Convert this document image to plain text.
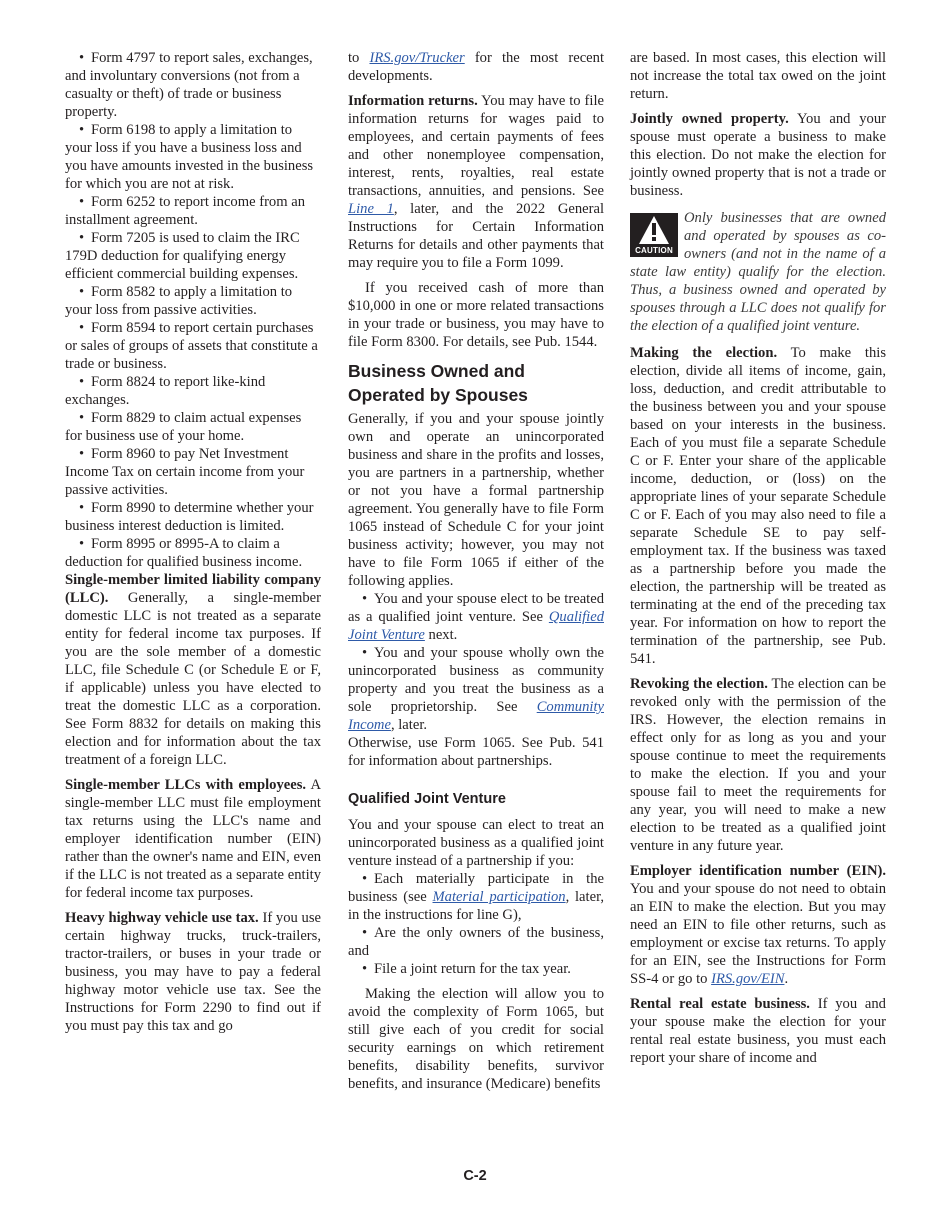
• Form 4797 to report sales, exchanges, and involuntary conversions (not from a casualty or theft) of trade or business property.

• Form 6198 to apply a limitation to your loss if you have a business loss and you have amounts invested in the business for which you are not at risk.

• Form 6252 to report income from an installment agreement.

• Form 7205 is used to claim the IRC 179D deduction for qualifying energy efficient commercial building expenses.

• Form 8582 to apply a limitation to your loss from passive activities.

• Form 8594 to report certain purchases or sales of groups of assets that constitute a trade or business.

• Form 8824 to report like-kind exchanges.

• Form 8829 to claim actual expenses for business use of your home.

• Form 8960 to pay Net Investment Income Tax on certain income from your passive activities.

• Form 8990 to determine whether your business interest deduction is limited.

• Form 8995 or 8995-A to claim a deduction for qualified business income.

Single-member limited liability company (LLC). Generally, a single-member domestic LLC is not treated as a separate entity for federal income tax purposes. If you are the sole member of a domestic LLC, file Schedule C (or Schedule E or F, if applicable) unless you have elected to treat the domestic LLC as a corporation. See Form 8832 for details on making this election and for information about the tax treatment of a foreign LLC.

Single-member LLCs with employees. A single-member LLC must file employment tax returns using the LLC's name and employer identification number (EIN) rather than the owner's name and EIN, even if the LLC is not treated as a separate entity for federal income tax purposes.

Heavy highway vehicle use tax. If you use certain highway trucks, truck-trailers, tractor-trailers, or buses in your trade or business, you may have to pay a federal highway motor vehicle use tax. See the Instructions for Form 2290 to find out if you must pay this tax and go

to IRS.gov/Trucker for the most recent developments.

Information returns. You may have to file information returns for wages paid to employees, and certain payments of fees and other nonemployee compensation, interest, rents, royalties, real estate transactions, annuities, and pensions. See Line 1, later, and the 2022 General Instructions for Certain Information Returns for details and other payments that may require you to file a Form 1099.

If you received cash of more than $10,000 in one or more related transactions in your trade or business, you may have to file Form 8300. For details, see Pub. 1544.

Business Owned and Operated by Spouses

Generally, if you and your spouse jointly own and operate an unincorporated business and share in the profits and losses, you are partners in a partnership, whether or not you have a formal partnership agreement. You generally have to file Form 1065 instead of Schedule C for your joint business activity; however, you may not have to file Form 1065 if either of the following applies.

• You and your spouse elect to be treated as a qualified joint venture. See Qualified Joint Venture next.

• You and your spouse wholly own the unincorporated business as community property and you treat the business as a sole proprietorship. See Community Income, later.

Otherwise, use Form 1065. See Pub. 541 for information about partnerships.

Qualified Joint Venture

You and your spouse can elect to treat an unincorporated business as a qualified joint venture instead of a partnership if you:

• Each materially participate in the business (see Material participation, later, in the instructions for line G),

• Are the only owners of the business, and

• File a joint return for the tax year.

Making the election will allow you to avoid the complexity of Form 1065, but still give each of you credit for social security earnings on which retirement benefits, disability benefits, survivor benefits, and insurance (Medicare) benefits

are based. In most cases, this election will not increase the total tax owed on the joint return.

Jointly owned property. You and your spouse must operate a business to make this election. Do not make the election for jointly owned property that is not a trade or business.

CAUTION

Only businesses that are owned and operated by spouses as co-owners (and not in the name of a state law entity) qualify for the election. Thus, a business owned and operated by spouses through a LLC does not qualify for the election of a qualified joint venture.

Making the election. To make this election, divide all items of income, gain, loss, deduction, and credit attributable to the business between you and your spouse based on your interests in the business. Each of you must file a separate Schedule C or F. Enter your share of the applicable income, deduction, or (loss) on the appropriate lines of your separate Schedule C or F. Each of you may also need to file a separate Schedule SE to pay self-employment tax. If the business was taxed as a partnership before you made the election, the partnership will be treated as terminating at the end of the preceding tax year. For information on how to report the termination of the partnership, see Pub. 541.

Revoking the election. The election can be revoked only with the permission of the IRS. However, the election remains in effect only for as long as you and your spouse continue to meet the requirements to make the election. If you and your spouse fail to meet the requirements for any year, you will need to make a new election to be treated as a qualified joint venture in any future year.

Employer identification number (EIN). You and your spouse do not need to obtain an EIN to make the election. But you may need an EIN to file other returns, such as employment or excise tax returns. To apply for an EIN, see the Instructions for Form SS-4 or go to IRS.gov/EIN.

Rental real estate business. If you and your spouse make the election for your rental real estate business, you must each report your share of income and

C-2
